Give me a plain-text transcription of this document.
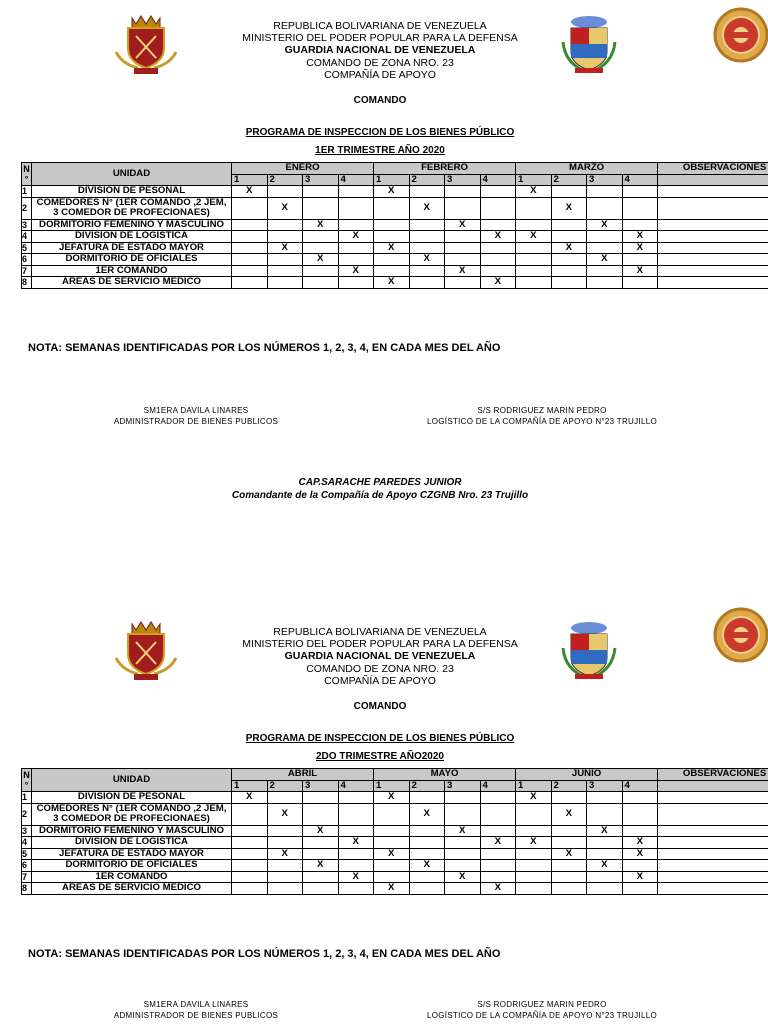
REPUBLICA BOLIVARIANA DE VENEZUELA
MINISTERIO DEL PODER POPULAR PARA LA DEFENSA
GUARDIA NACIONAL DE VENEZUELA
COMANDO DE ZONA NRO. 23
COMPAÑÍA DE APOYO
COMANDO
PROGRAMA DE INSPECCION DE LOS BIENES PÚBLICO
1ER TRIMESTRE AÑO 2020
N °	UNIDAD	ENERO				FEBRERO				MARZO				OBSERVACIONES
		1	2	3	4	1	2	3	4	1	2	3	4	
1	DIVISION DE PESONAL	X				X				X				
2	COMEDORES N° (1ER COMANDO ,2 JEM, 3 COMEDOR DE PROFECIONAES)		X				X				X			
3	DORMITORIO FEMENINO Y MASCULINO			X				X				X		
4	DIVISION DE LOGISTICA				X				X	X			X	
5	JEFATURA DE ESTADO MAYOR		X			X					X		X	
6	DORMITORIO DE OFICIALES			X			X					X		
7	1ER COMANDO				X			X					X	
8	AREAS DE SERVICIO MEDICO					X			X					
NOTA: SEMANAS IDENTIFICADAS POR LOS NÚMEROS 1, 2, 3, 4, EN CADA MES DEL AÑO
SM1ERA DAVILA LINARES
ADMINISTRADOR DE BIENES PUBLICOS
S/S RODRIGUEZ MARIN PEDRO
LOGÍSTICO DE LA COMPAÑÍA DE APOYO N°23 TRUJILLO
CAP.SARACHE PAREDES JUNIOR
Comandante de la Compañía de Apoyo CZGNB Nro. 23 Trujillo
REPUBLICA BOLIVARIANA DE VENEZUELA
MINISTERIO DEL PODER POPULAR PARA LA DEFENSA
GUARDIA NACIONAL DE VENEZUELA
COMANDO DE ZONA NRO. 23
COMPAÑÍA DE APOYO
COMANDO
PROGRAMA DE INSPECCION DE LOS BIENES PÚBLICO
2DO TRIMESTRE AÑO2020
N °	UNIDAD	ABRIL				MAYO				JUNIO				OBSERVACIONES
		1	2	3	4	1	2	3	4	1	2	3	4	
1	DIVISION DE PESONAL	X				X				X				
2	COMEDORES N° (1ER COMANDO ,2 JEM, 3 COMEDOR DE PROFECIONAES)		X				X				X			
3	DORMITORIO FEMENINO Y MASCULINO			X				X				X		
4	DIVISION DE LOGISTICA				X				X	X			X	
5	JEFATURA DE ESTADO MAYOR		X			X					X		X	
6	DORMITORIO DE OFICIALES			X			X					X		
7	1ER COMANDO				X			X					X	
8	AREAS DE SERVICIO MEDICO					X			X					
NOTA: SEMANAS IDENTIFICADAS POR LOS NÚMEROS 1, 2, 3, 4, EN CADA MES DEL AÑO
SM1ERA DAVILA LINARES
ADMINISTRADOR DE BIENES PUBLICOS
S/S RODRIGUEZ MARIN PEDRO
LOGÍSTICO DE LA COMPAÑÍA DE APOYO N°23 TRUJILLO
